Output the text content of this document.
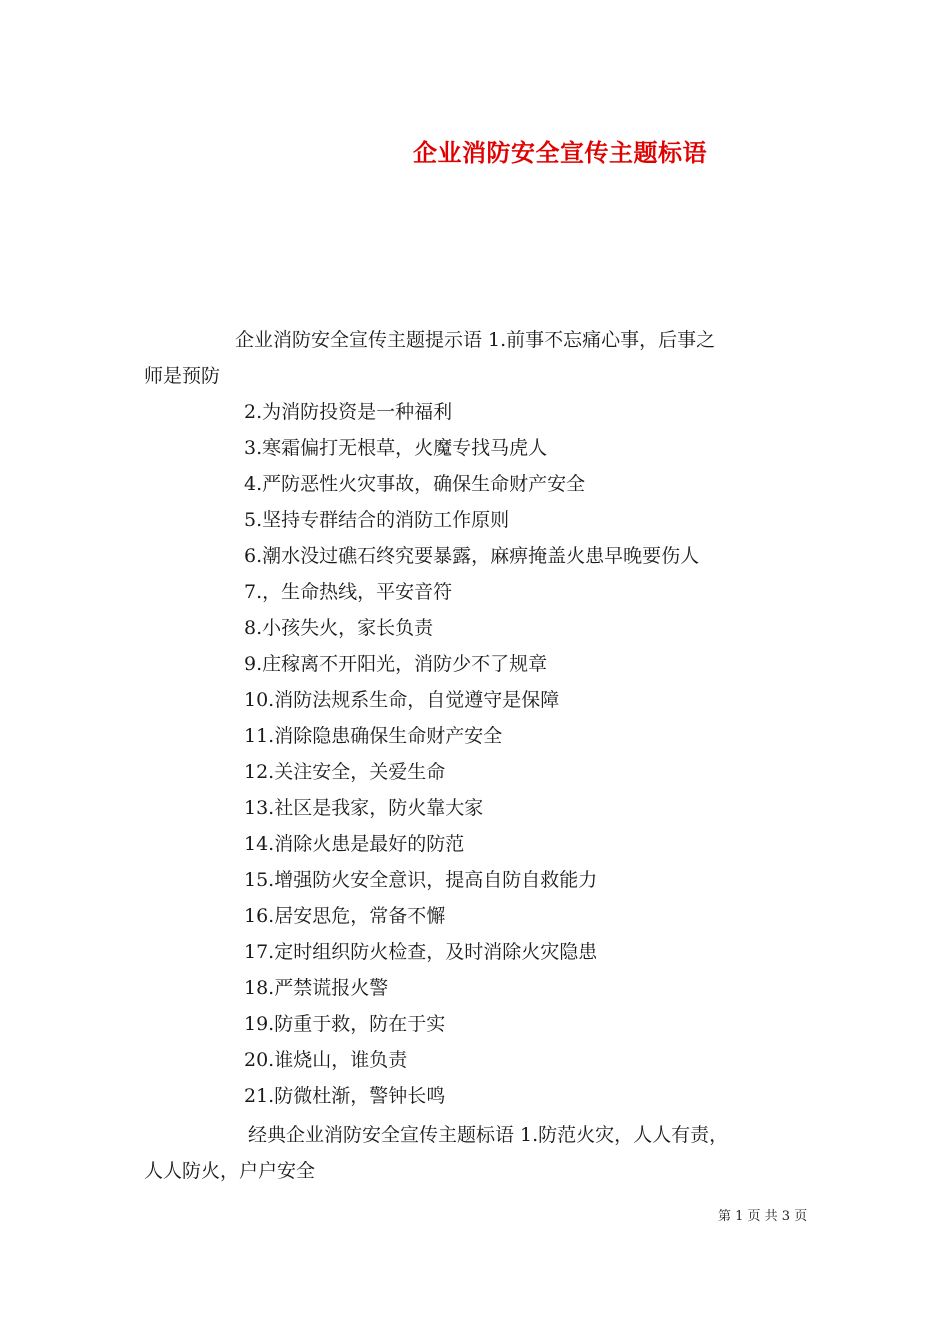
企业消防安全宣传主题标语
企业消防安全宣传主题提示语 1.前事不忘痛心事，后事之
师是预防
2.为消防投资是一种福利
3.寒霜偏打无根草，火魔专找马虎人
4.严防恶性火灾事故，确保生命财产安全
5.坚持专群结合的消防工作原则
6.潮水没过礁石终究要暴露，麻痹掩盖火患早晚要伤人
7.，生命热线，平安音符
8.小孩失火，家长负责
9.庄稼离不开阳光，消防少不了规章
10.消防法规系生命，自觉遵守是保障
11.消除隐患确保生命财产安全
12.关注安全，关爱生命
13.社区是我家，防火靠大家
14.消除火患是最好的防范
15.增强防火安全意识，提高自防自救能力
16.居安思危，常备不懈
17.定时组织防火检查，及时消除火灾隐患
18.严禁谎报火警
19.防重于救，防在于实
20.谁烧山，谁负责
21.防微杜渐，警钟长鸣
经典企业消防安全宣传主题标语 1.防范火灾，人人有责，
人人防火，户户安全
第 1 页 共 3 页
